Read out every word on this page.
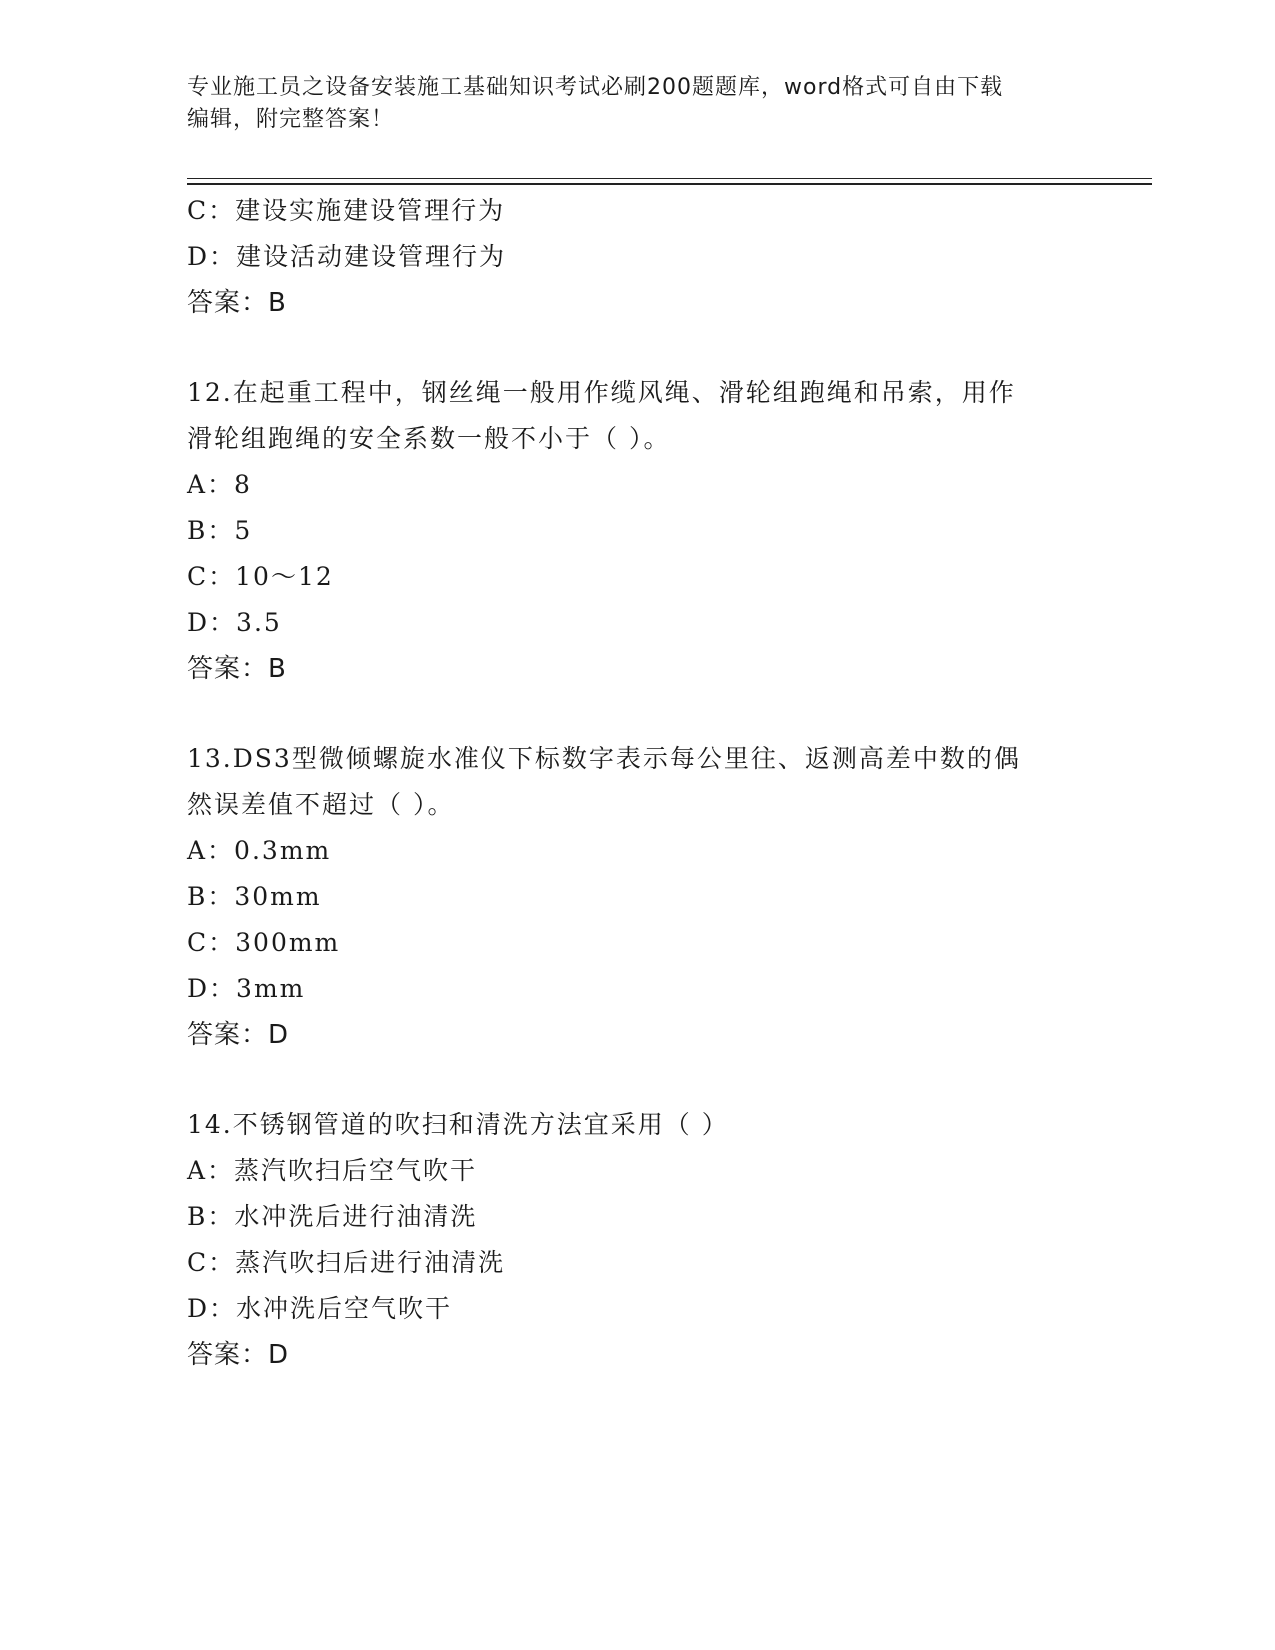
专业施工员之设备安装施工基础知识考试必刷200题题库，word格式可自由下载
编辑，附完整答案！
C：建设实施建设管理行为
D：建设活动建设管理行为
答案：B
12.在起重工程中，钢丝绳一般用作缆风绳、滑轮组跑绳和吊索，用作
滑轮组跑绳的安全系数一般不小于（ ）。
A：8
B：5
C：10～12
D：3.5
答案：B
13.DS3型微倾螺旋水准仪下标数字表示每公里往、返测高差中数的偶
然误差值不超过（ ）。
A：0.3mm
B：30mm
C：300mm
D：3mm
答案：D
14.不锈钢管道的吹扫和清洗方法宜采用（ ）
A：蒸汽吹扫后空气吹干
B：水冲洗后进行油清洗
C：蒸汽吹扫后进行油清洗
D：水冲洗后空气吹干
答案：D
